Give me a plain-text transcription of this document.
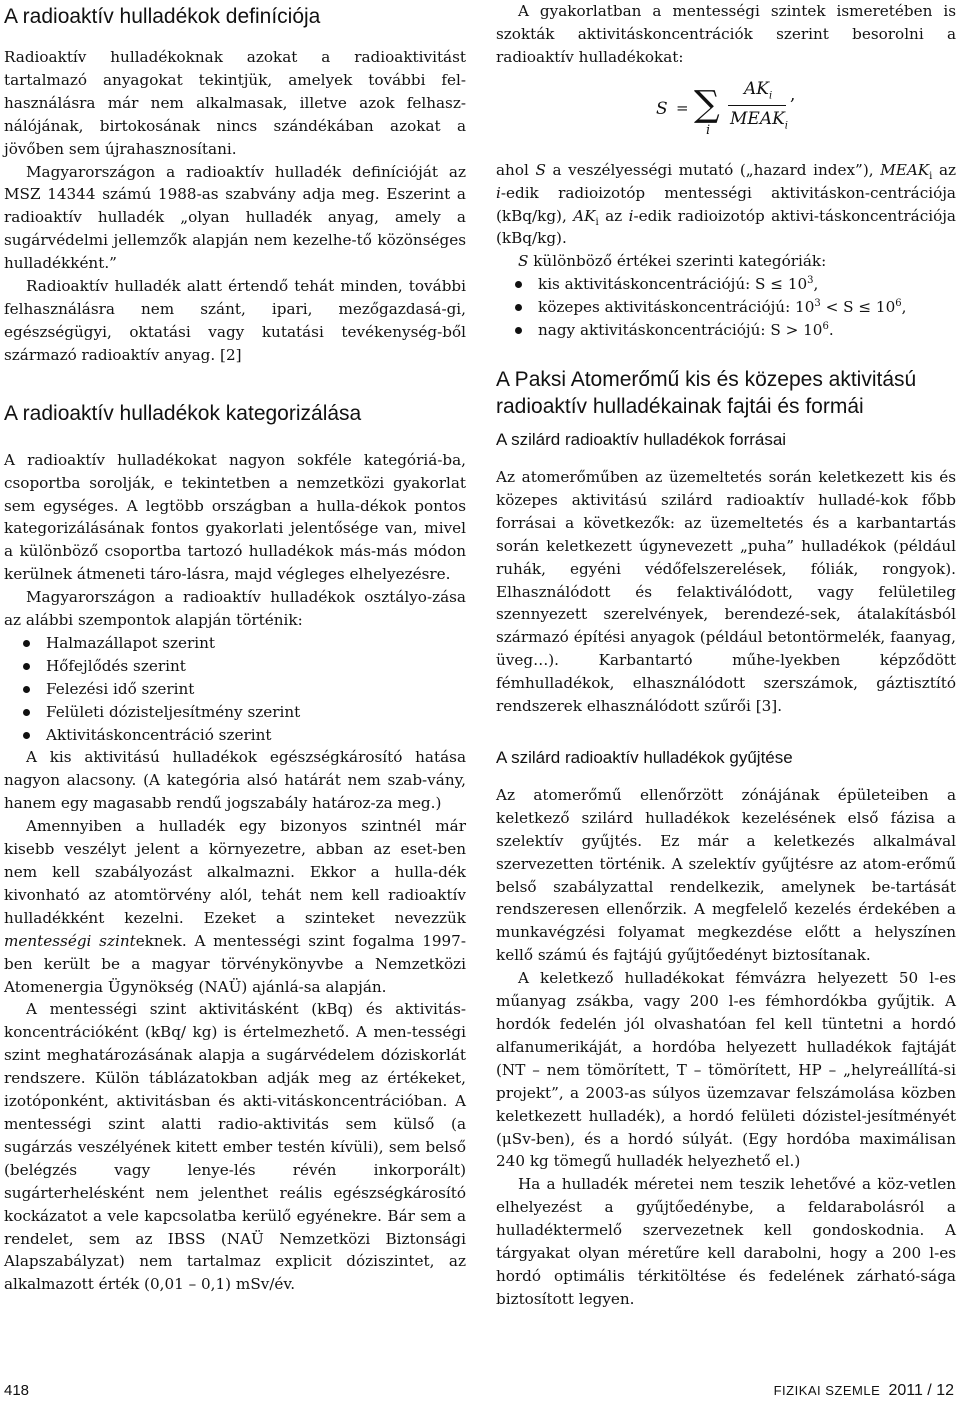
A radioaktív hulladékok definíciója

Radioaktív hulladékoknak azokat a radioaktivitást tartalmazó anyagokat tekintjük, amelyek további fel-használásra már nem alkalmasak, illetve azok felhasz-nálójának, birtokosának nincs szándékában azokat a jövőben sem újrahasznosítani.

Magyarországon a radioaktív hulladék definícióját az MSZ 14344 számú 1988-as szabvány adja meg. Eszerint a radioaktív hulladék „olyan hulladék anyag, amely a sugárvédelmi jellemzők alapján nem kezelhe-tő közönséges hulladékként.”

Radioaktív hulladék alatt értendő tehát minden, további felhasználásra nem szánt, ipari, mezőgazdasá-gi, egészségügyi, oktatási vagy kutatási tevékenység-ből származó radioaktív anyag. [2]

A radioaktív hulladékok kategorizálása

A radioaktív hulladékokat nagyon sokféle kategóriá-ba, csoportba sorolják, e tekintetben a nemzetközi gyakorlat sem egységes. A legtöbb országban a hulla-dékok pontos kategorizálásának fontos gyakorlati jelentősége van, mivel a különböző csoportba tartozó hulladékok más-más módon kerülnek átmeneti táro-lásra, majd végleges elhelyezésre.

Magyarországon a radioaktív hulladékok osztályo-zása az alábbi szempontok alapján történik:

Halmazállapot szerint
Hőfejlődés szerint
Felezési idő szerint
Felületi dózisteljesítmény szerint
Aktivitáskoncentráció szerint

A kis aktivitású hulladékok egészségkárosító hatása nagyon alacsony. (A kategória alsó határát nem szab-vány, hanem egy magasabb rendű jogszabály határoz-za meg.)

Amennyiben a hulladék egy bizonyos szintnél már kisebb veszélyt jelent a környezetre, abban az eset-ben nem kell szabályozást alkalmazni. Ekkor a hulla-dék kivonható az atomtörvény alól, tehát nem kell radioaktív hulladékként kezelni. Ezeket a szinteket nevezzük mentességi szinteknek. A mentességi szint fogalma 1997-ben került be a magyar törvénykönyvbe a Nemzetközi Atomenergia Ügynökség (NAÜ) ajánlá-sa alapján.

A mentességi szint aktivitásként (kBq) és aktivitás-koncentrációként (kBq/ kg) is értelmezhető. A men-tességi szint meghatározásának alapja a sugárvédelem dóziskorlát rendszere. Külön táblázatokban adják meg az értékeket, izotóponként, aktivitásban és akti-vitáskoncentrációban. A mentességi szint alatti radio-aktivitás sem külső (a sugárzás veszélyének kitett ember testén kívüli), sem belső (belégzés vagy lenye-lés révén inkorporált) sugárterhelésként nem jelenthet reális egészségkárosító kockázatot a vele kapcsolatba kerülő egyénekre. Bár sem a rendelet, sem az IBSS (NAÜ Nemzetközi Biztonsági Alapszabályzat) nem tartalmaz explicit dóziszintet, az alkalmazott érték (0,01 – 0,1) mSv/év.

A gyakorlatban a mentességi szintek ismeretében is szokták aktivitáskoncentrációk szerint besorolni a radioaktív hulladékokat:

S = ∑
i
$AK_i$
$MEAK_i$
,

ahol S a veszélyességi mutató („hazard index”), $MEAK_i$ az i-edik radioizotóp mentességi aktivitáskon-centrációja (kBq/kg), $AK_i$ az i-edik radioizotóp aktivi-táskoncentrációja (kBq/kg).

S különböző értékei szerinti kategóriák:

kis aktivitáskoncentrációjú: $S \le 10^3$,
közepes aktivitáskoncentrációjú: $10^3 < S \le 10^6$,
nagy aktivitáskoncentrációjú: $S > 10^6$.
A Paksi Atomerőmű kis és közepes aktivitású radioaktív hulladékainak fajtái és formái
A szilárd radioaktív hulladékok forrásai

Az atomerőműben az üzemeltetés során keletkezett kis és közepes aktivitású szilárd radioaktív hulladé-kok főbb forrásai a következők: az üzemeltetés és a karbantartás során keletkezett úgynevezett „puha” hulladékok (például ruhák, egyéni védőfelszerelések, fóliák, rongyok). Elhasználódott és felaktiválódott, vagy felületileg szennyezett szerelvények, berendezé-sek, átalakításból származó építési anyagok (például betontörmelék, faanyag, üveg…). Karbantartó műhe-lyekben képződött fémhulladékok, elhasználódott szerszámok, gáztisztító rendszerek elhasználódott szűrői [3].

A szilárd radioaktív hulladékok gyűjtése

Az atomerőmű ellenőrzött zónájának épületeiben a keletkező szilárd hulladékok kezelésének első fázisa a szelektív gyűjtés. Ez már a keletkezés alkalmával szervezetten történik. A szelektív gyűjtésre az atom-erőmű belső szabályzattal rendelkezik, amelynek be-tartását rendszeresen ellenőrzik. A megfelelő kezelés érdekében a munkavégzési folyamat megkezdése előtt a helyszínen kellő számú és fajtájú gyűjtőedényt biztosítanak.

A keletkező hulladékokat fémvázra helyezett 50 l-es műanyag zsákba, vagy 200 l-es fémhordókba gyűjtik. A hordók fedelén jól olvashatóan fel kell tüntetni a hordó alfanumerikáját, a hordóba helyezett hulladékok fajtáját (NT – nem tömörített, T – tömörített, HP – „helyreállítá-si projekt”, a 2003-as súlyos üzemzavar felszámolása közben keletkezett hulladék), a hordó felületi dózistel-jesítményét (μSv-ben), és a hordó súlyát. (Egy hordóba maximálisan 240 kg tömegű hulladék helyezhető el.)

Ha a hulladék méretei nem teszik lehetővé a köz-vetlen elhelyezést a gyűjtőedénybe, a feldarabolásról a hulladéktermelő szervezetnek kell gondoskodnia. A tárgyakat olyan méretűre kell darabolni, hogy a 200 l-es hordó optimális térkitöltése és fedelének zárható-sága biztosított legyen.

418	FIZIKAI SZEMLE 2011 / 12
